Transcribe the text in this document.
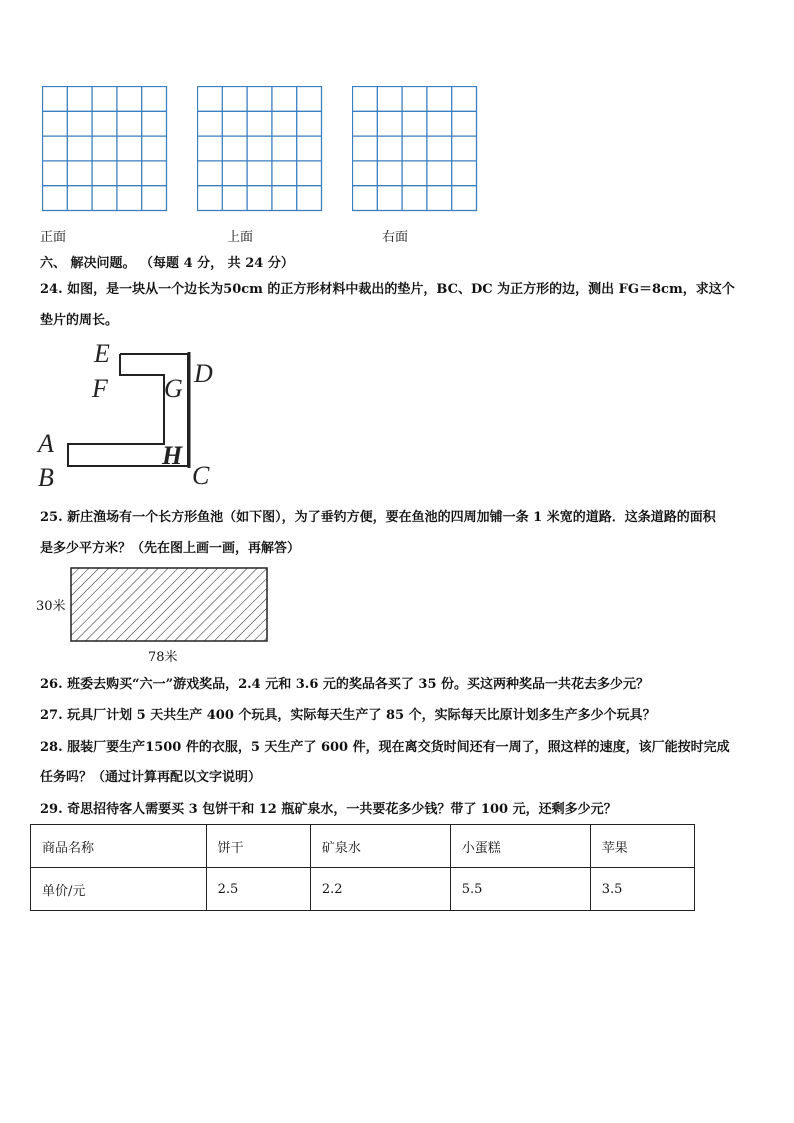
正面	上面	右面
六、 解决问题。 （每题 4 分， 共 24 分）
24. 如图，是一块从一个边长为50cm 的正方形材料中裁出的垫片，BC、DC 为正方形的边，测出 FG＝8cm，求这个
垫片的周长。
E
F
D
G
A
B
H
C
25. 新庄渔场有一个长方形鱼池（如下图），为了垂钓方便，要在鱼池的四周加铺一条 1 米宽的道路．这条道路的面积
是多少平方米？（先在图上画一画，再解答）
30米
78米
26. 班委去购买“六一”游戏奖品，2.4 元和 3.6 元的奖品各买了 35 份。买这两种奖品一共花去多少元？
27. 玩具厂计划 5 天共生产 400 个玩具，实际每天生产了 85 个，实际每天比原计划多生产多少个玩具？
28. 服装厂要生产1500 件的衣服，5 天生产了 600 件，现在离交货时间还有一周了，照这样的速度，该厂能按时完成
任务吗？（通过计算再配以文字说明）
29. 奇思招待客人需要买 3 包饼干和 12 瓶矿泉水，一共要花多少钱？带了 100 元，还剩多少元？
商品名称	饼干	矿泉水	小蛋糕	苹果
单价/元	2.5	2.2	5.5	3.5
